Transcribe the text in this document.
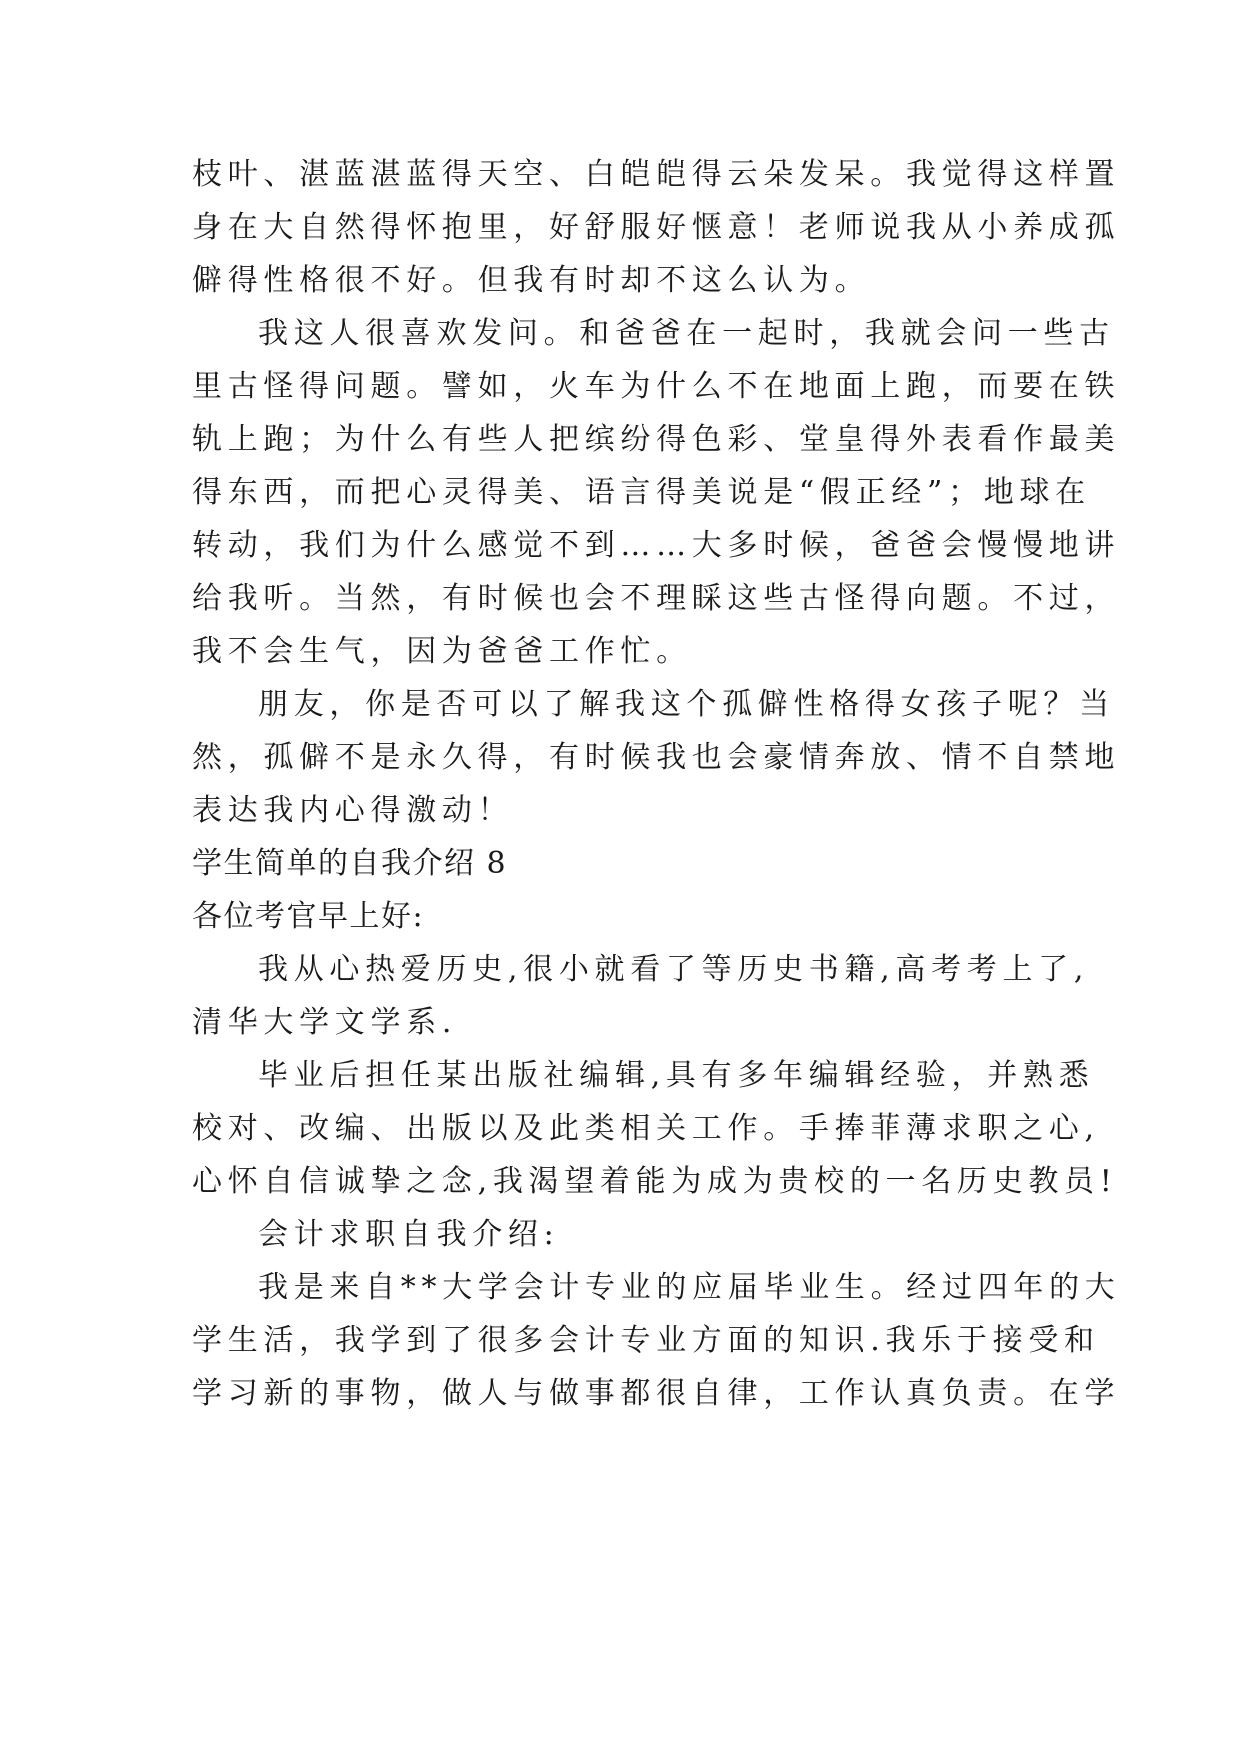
枝叶、湛蓝湛蓝得天空、白皑皑得云朵发呆。我觉得这样置
身在大自然得怀抱里，好舒服好惬意！老师说我从小养成孤
僻得性格很不好。但我有时却不这么认为。
我这人很喜欢发问。和爸爸在一起时，我就会问一些古
里古怪得问题。譬如，火车为什么不在地面上跑，而要在铁
轨上跑；为什么有些人把缤纷得色彩、堂皇得外表看作最美
得东西，而把心灵得美、语言得美说是“假正经”；地球在
转动，我们为什么感觉不到……大多时候，爸爸会慢慢地讲
给我听。当然，有时候也会不理睬这些古怪得向题。不过，
我不会生气，因为爸爸工作忙。
朋友，你是否可以了解我这个孤僻性格得女孩子呢？当
然，孤僻不是永久得，有时候我也会豪情奔放、情不自禁地
表达我内心得激动！
学生简单的自我介绍 8
各位考官早上好:
我从心热爱历史,很小就看了等历史书籍,高考考上了,
清华大学文学系.
毕业后担任某出版社编辑,具有多年编辑经验，并熟悉
校对、改编、出版以及此类相关工作。手捧菲薄求职之心,
心怀自信诚挚之念,我渴望着能为成为贵校的一名历史教员!
会计求职自我介绍:
我是来自**大学会计专业的应届毕业生。经过四年的大
学生活，我学到了很多会计专业方面的知识.我乐于接受和
学习新的事物，做人与做事都很自律，工作认真负责。在学
